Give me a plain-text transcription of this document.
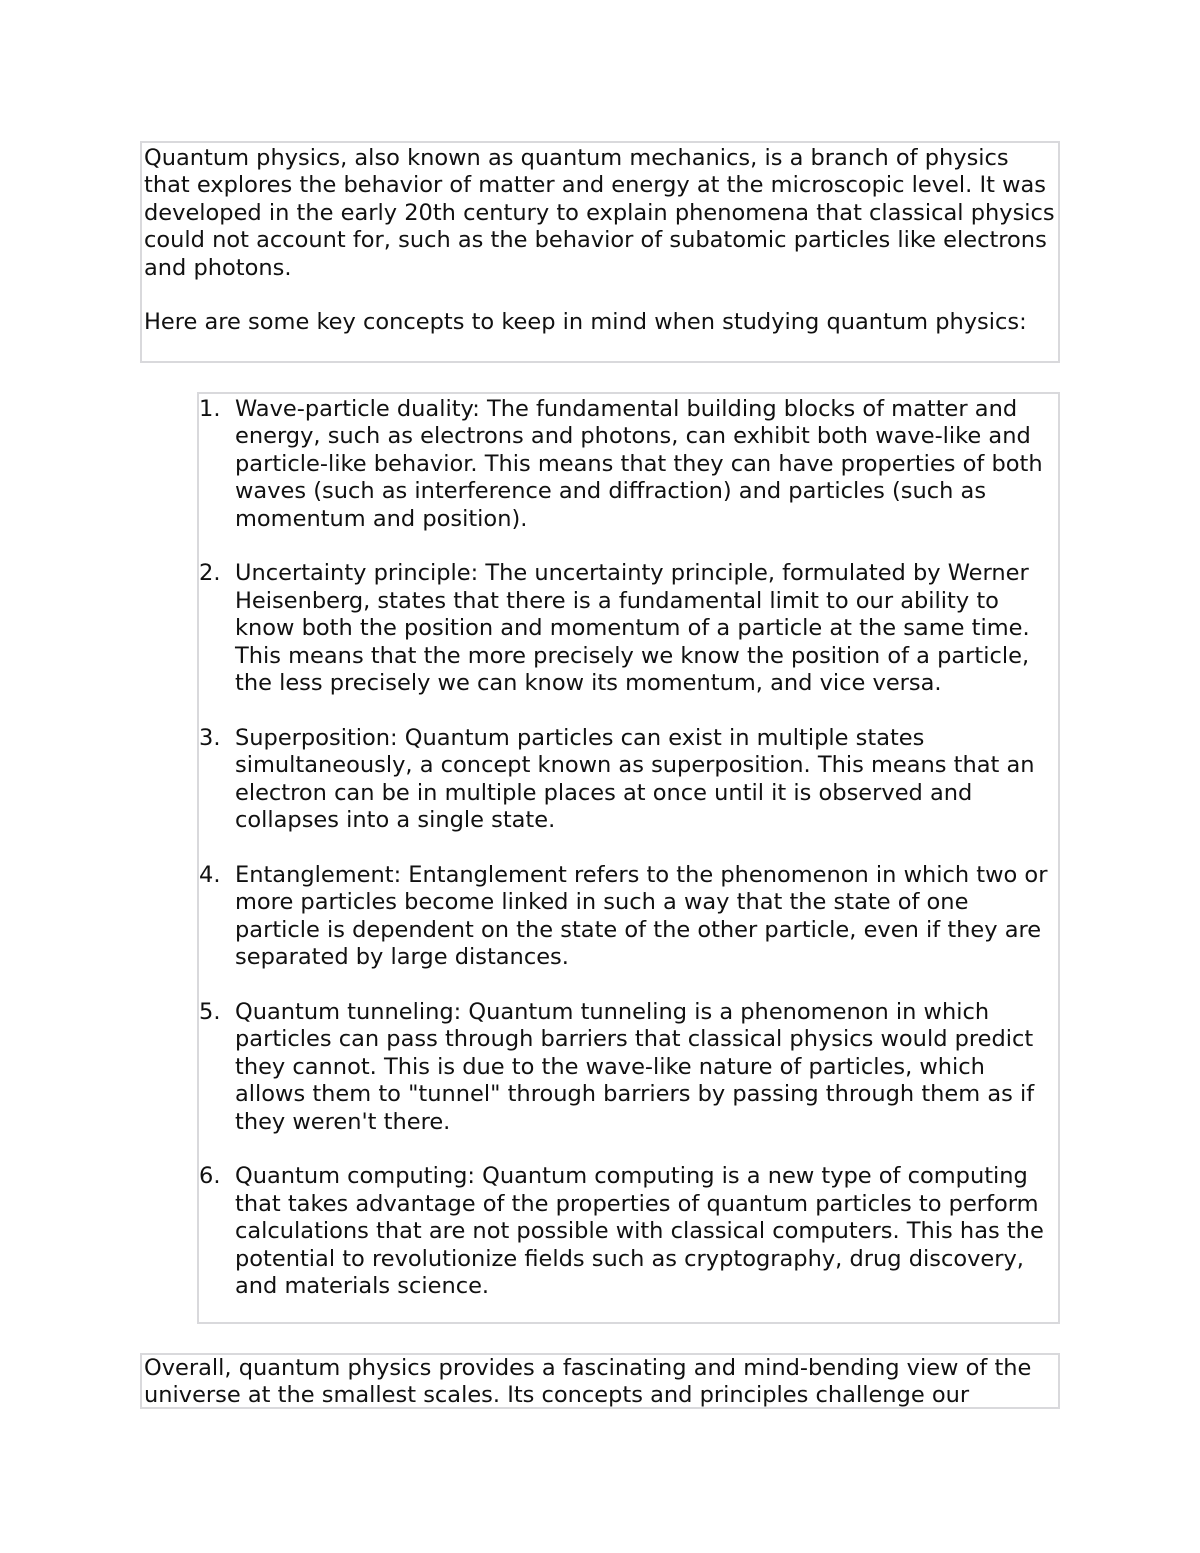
Quantum physics, also known as quantum mechanics, is a branch of physics that explores the behavior of matter and energy at the microscopic level. It was developed in the early 20th century to explain phenomena that classical physics could not account for, such as the behavior of subatomic particles like electrons and photons.

Here are some key concepts to keep in mind when studying quantum physics:

1. Wave-particle duality: The fundamental building blocks of matter and energy, such as electrons and photons, can exhibit both wave-like and particle-like behavior. This means that they can have properties of both waves (such as interference and diffraction) and particles (such as momentum and position).
2. Uncertainty principle: The uncertainty principle, formulated by Werner Heisenberg, states that there is a fundamental limit to our ability to know both the position and momentum of a particle at the same time. This means that the more precisely we know the position of a particle, the less precisely we can know its momentum, and vice versa.
3. Superposition: Quantum particles can exist in multiple states simultaneously, a concept known as superposition. This means that an electron can be in multiple places at once until it is observed and collapses into a single state.
4. Entanglement: Entanglement refers to the phenomenon in which two or more particles become linked in such a way that the state of one particle is dependent on the state of the other particle, even if they are separated by large distances.
5. Quantum tunneling: Quantum tunneling is a phenomenon in which particles can pass through barriers that classical physics would predict they cannot. This is due to the wave-like nature of particles, which allows them to "tunnel" through barriers by passing through them as if they weren't there.
6. Quantum computing: Quantum computing is a new type of computing that takes advantage of the properties of quantum particles to perform calculations that are not possible with classical computers. This has the potential to revolutionize fields such as cryptography, drug discovery, and materials science.

Overall, quantum physics provides a fascinating and mind-bending view of the universe at the smallest scales. Its concepts and principles challenge our
